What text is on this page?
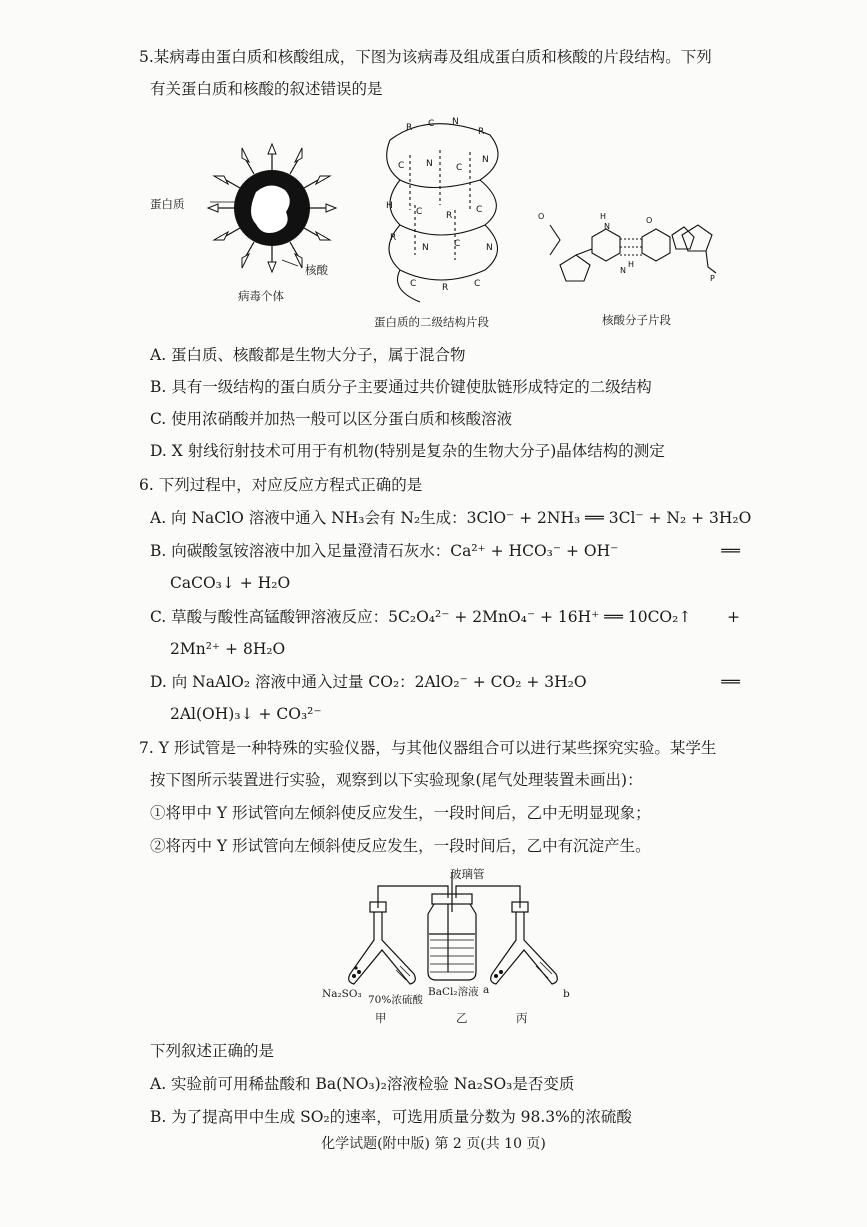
5.某病毒由蛋白质和核酸组成，下图为该病毒及组成蛋白质和核酸的片段结构。下列
有关蛋白质和核酸的叙述错误的是
蛋白质
核酸
病毒个体
R C N
R
C N	C
N
H
C	R
C
R
N	C	N
C	R	C
蛋白质的二级结构片段
H
N
O
N
H
O
P
核酸分子片段
A. 蛋白质、核酸都是生物大分子，属于混合物
B. 具有一级结构的蛋白质分子主要通过共价键使肽链形成特定的二级结构
C. 使用浓硝酸并加热一般可以区分蛋白质和核酸溶液
D. X 射线衍射技术可用于有机物(特别是复杂的生物大分子)晶体结构的测定
6. 下列过程中，对应反应方程式正确的是
A. 向 NaClO 溶液中通入 NH₃会有 N₂生成：3ClO⁻ + 2NH₃ ══ 3Cl⁻ + N₂ + 3H₂O
B. 向碳酸氢铵溶液中加入足量澄清石灰水：Ca²⁺ + HCO₃⁻ + OH⁻	══
CaCO₃↓ + H₂O
C. 草酸与酸性高锰酸钾溶液反应：5C₂O₄²⁻ + 2MnO₄⁻ + 16H⁺ ══ 10CO₂↑ +
2Mn²⁺ + 8H₂O
D. 向 NaAlO₂ 溶液中通入过量 CO₂：2AlO₂⁻ + CO₂ + 3H₂O	══
2Al(OH)₃↓ + CO₃²⁻
7. Y 形试管是一种特殊的实验仪器，与其他仪器组合可以进行某些探究实验。某学生
按下图所示装置进行实验，观察到以下实验现象(尾气处理装置未画出)：
①将甲中 Y 形试管向左倾斜使反应发生，一段时间后，乙中无明显现象；
②将丙中 Y 形试管向左倾斜使反应发生，一段时间后，乙中有沉淀产生。
玻璃管
Na₂SO₃ 70%浓硫酸
BaCl₂溶液 a	b
甲	乙	丙
下列叙述正确的是
A. 实验前可用稀盐酸和 Ba(NO₃)₂溶液检验 Na₂SO₃是否变质
B. 为了提高甲中生成 SO₂的速率，可选用质量分数为 98.3%的浓硫酸
化学试题(附中版) 第 2 页(共 10 页)
